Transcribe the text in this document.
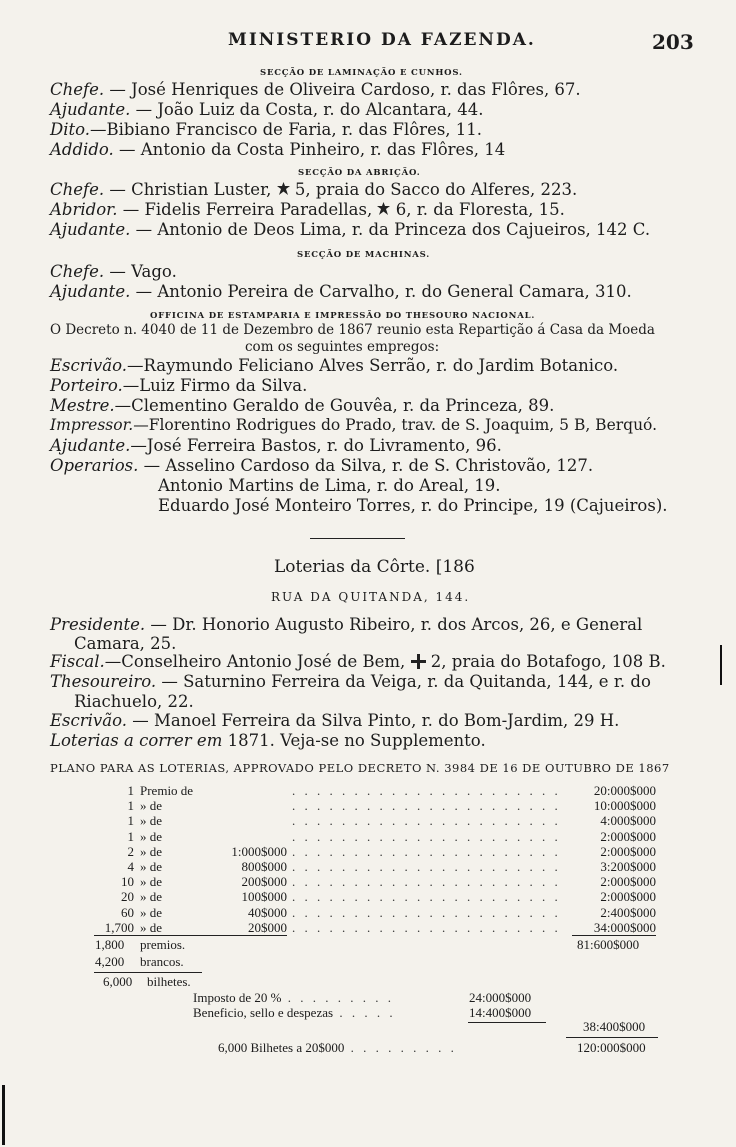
MINISTERIO DA FAZENDA.	203
SECÇÃO DE LAMINAÇÃO E CUNHOS.
Chefe. — José Henriques de Oliveira Cardoso, r. das Flôres, 67.
Ajudante. — João Luiz da Costa, r. do Alcantara, 44.
Dito.—Bibiano Francisco de Faria, r. das Flôres, 11.
Addido. — Antonio da Costa Pinheiro, r. das Flôres, 14
SECÇÃO DA ABRIÇÃO.
Chefe. — Christian Luster,  5, praia do Sacco do Alferes, 223.
Abridor. — Fidelis Ferreira Paradellas,  6, r. da Floresta, 15.
Ajudante. — Antonio de Deos Lima, r. da Princeza dos Cajueiros, 142 C.
SECÇÃO DE MACHINAS.
Chefe. — Vago.
Ajudante. — Antonio Pereira de Carvalho, r. do General Camara, 310.
OFFICINA DE ESTAMPARIA E IMPRESSÃO DO THESOURO NACIONAL.
O Decreto n. 4040 de 11 de Dezembro de 1867 reunio esta Repartição á Casa da Moeda
com os seguintes empregos:
Escrivão.—Raymundo Feliciano Alves Serrão, r. do Jardim Botanico.
Porteiro.—Luiz Firmo da Silva.
Mestre.—Clementino Geraldo de Gouvêa, r. da Princeza, 89.
Impressor.—Florentino Rodrigues do Prado, trav. de S. Joaquim, 5 B, Berquó.
Ajudante.—José Ferreira Bastos, r. do Livramento, 96.
Operarios. — Asselino Cardoso da Silva, r. de S. Christovão, 127.
Antonio Martins de Lima, r. do Areal, 19.
Eduardo José Monteiro Torres, r. do Principe, 19 (Cajueiros).
Loterias da Côrte. [186
RUA DA QUITANDA, 144.
Presidente. — Dr. Honorio Augusto Ribeiro, r. dos Arcos, 26, e General
Camara, 25.
Fiscal.—Conselheiro Antonio José de Bem,  2, praia do Botafogo, 108 B.
Thesoureiro. — Saturnino Ferreira da Veiga, r. da Quitanda, 144, e r. do
Riachuelo, 22.
Escrivão. — Manoel Ferreira da Silva Pinto, r. do Bom-Jardim, 29 H.
Loterias a correr em 1871. Veja-se no Supplemento.
PLANO PARA AS LOTERIAS, APPROVADO PELO DECRETO N. 3984 DE 16 DE OUTUBRO DE 1867
1 Premio de	. . . . . . . . . . . . . . . . . . . . . .	20:000$000
1 » de	. . . . . . . . . . . . . . . . . . . . . .	10:000$000
1 » de	. . . . . . . . . . . . . . . . . . . . . .	4:000$000
1 » de	. . . . . . . . . . . . . . . . . . . . . .	2:000$000
2 » de	1:000$000 . . . . . . . . . . . . . . . . . . . . . .	2:000$000
4 » de	800$000 . . . . . . . . . . . . . . . . . . . . . .	3:200$000
10 » de	200$000 . . . . . . . . . . . . . . . . . . . . . .	2:000$000
20 » de	100$000 . . . . . . . . . . . . . . . . . . . . . .	2:000$000
60 » de	40$000 . . . . . . . . . . . . . . . . . . . . . .	2:400$000
1,700 » de	20$000 . . . . . . . . . . . . . . . . . . . . . .	34:000$000
1,800 premios.	81:600$000
4,200 brancos.
6,000 bilhetes.
Imposto de 20 % . . . . . . . . .	24:000$000
Beneficio, sello e despezas . . . . .	14:400$000
38:400$000
6,000 Bilhetes a 20$000 . . . . . . . . .	120:000$000
